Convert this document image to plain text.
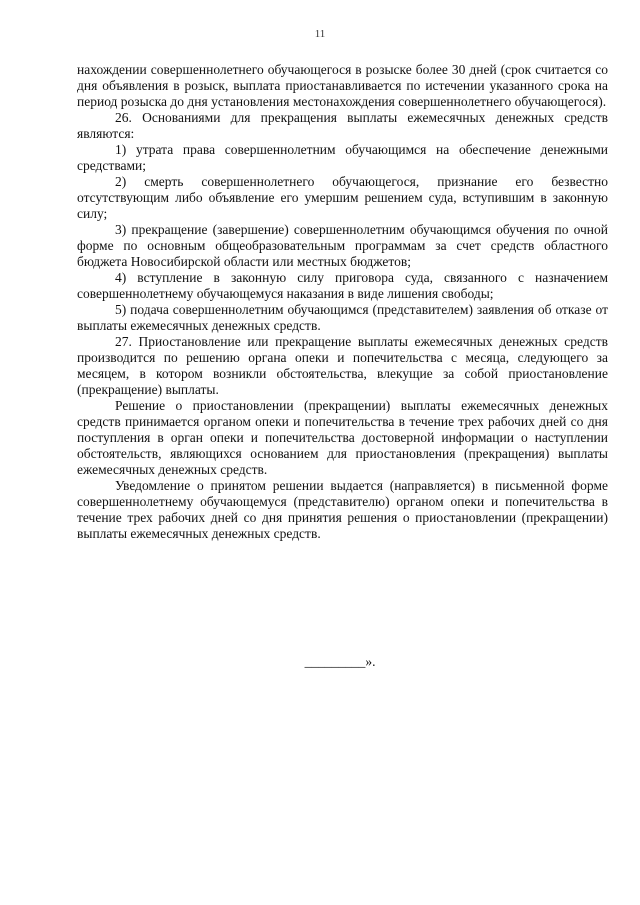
11

нахождении совершеннолетнего обучающегося в розыске более 30 дней (срок считается со дня объявления в розыск, выплата приостанавливается по истечении указанного срока на период розыска до дня установления местонахождения совершеннолетнего обучающегося).

26. Основаниями для прекращения выплаты ежемесячных денежных средств являются:

1) утрата права совершеннолетним обучающимся на обеспечение денежными средствами;

2) смерть совершеннолетнего обучающегося, признание его безвестно отсутствующим либо объявление его умершим решением суда, вступившим в законную силу;

3) прекращение (завершение) совершеннолетним обучающимся обучения по очной форме по основным общеобразовательным программам за счет средств областного бюджета Новосибирской области или местных бюджетов;

4) вступление в законную силу приговора суда, связанного с назначением совершеннолетнему обучающемуся наказания в виде лишения свободы;

5) подача совершеннолетним обучающимся (представителем) заявления об отказе от выплаты ежемесячных денежных средств.

27. Приостановление или прекращение выплаты ежемесячных денежных средств производится по решению органа опеки и попечительства с месяца, следующего за месяцем, в котором возникли обстоятельства, влекущие за собой приостановление (прекращение) выплаты.

Решение о приостановлении (прекращении) выплаты ежемесячных денежных средств принимается органом опеки и попечительства в течение трех рабочих дней со дня поступления в орган опеки и попечительства достоверной информации о наступлении обстоятельств, являющихся основанием для приостановления (прекращения) выплаты ежемесячных денежных средств.

Уведомление о принятом решении выдается (направляется) в письменной форме совершеннолетнему обучающемуся (представителю) органом опеки и попечительства в течение трех рабочих дней со дня принятия решения о приостановлении (прекращении) выплаты ежемесячных денежных средств.

_________».
